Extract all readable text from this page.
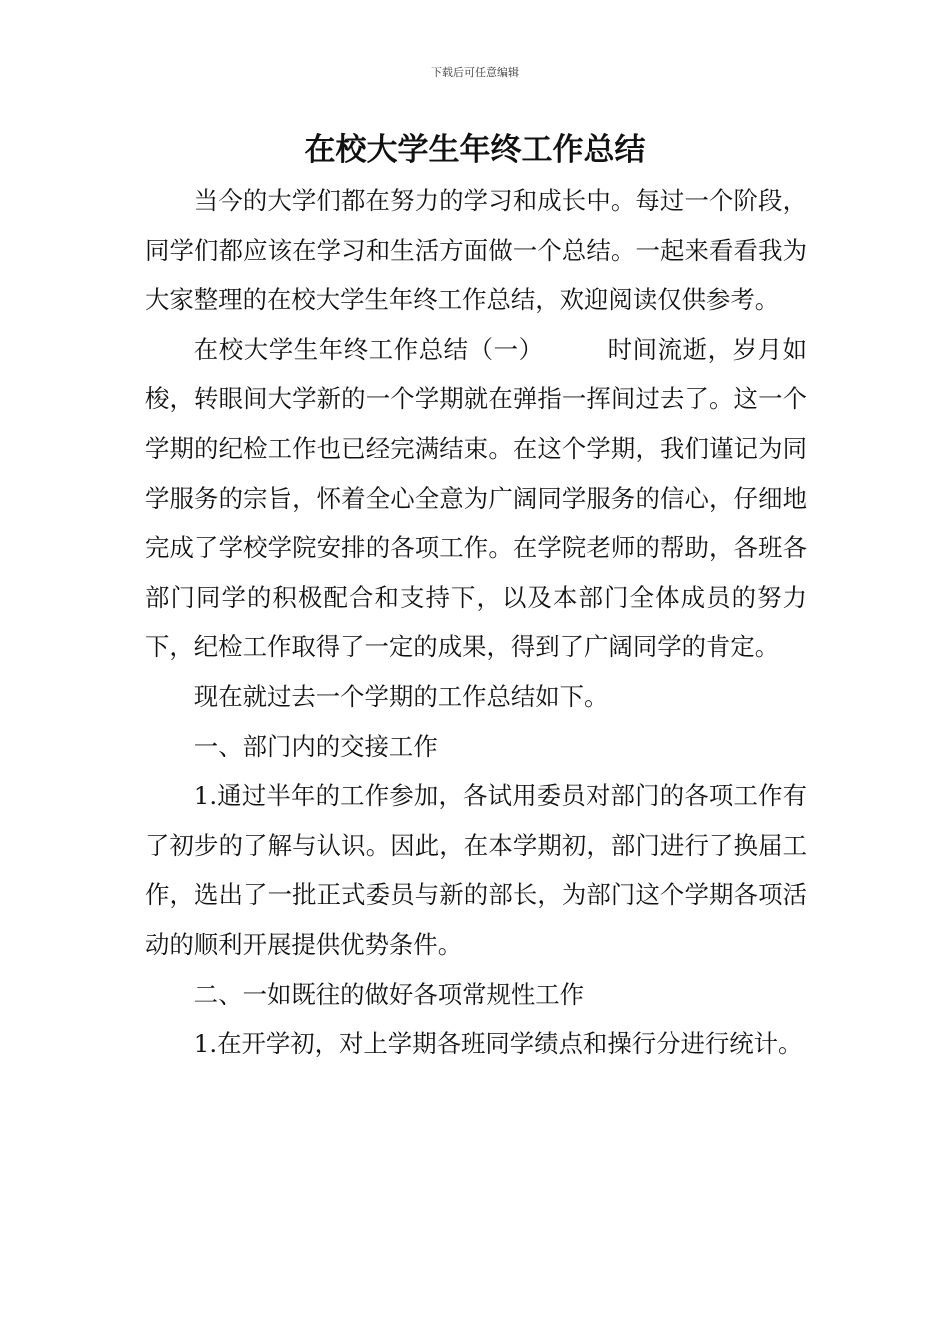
下载后可任意编辑
在校大学生年终工作总结

当今的大学们都在努力的学习和成长中。每过一个阶段，同学们都应该在学习和生活方面做一个总结。一起来看看我为大家整理的在校大学生年终工作总结，欢迎阅读仅供参考。

在校大学生年终工作总结（一）	时间流逝，岁月如梭，转眼间大学新的一个学期就在弹指一挥间过去了。这一个学期的纪检工作也已经完满结束。在这个学期，我们谨记为同学服务的宗旨，怀着全心全意为广阔同学服务的信心，仔细地完成了学校学院安排的各项工作。在学院老师的帮助，各班各部门同学的积极配合和支持下，以及本部门全体成员的努力下，纪检工作取得了一定的成果，得到了广阔同学的肯定。

现在就过去一个学期的工作总结如下。

一、部门内的交接工作

1.通过半年的工作参加，各试用委员对部门的各项工作有了初步的了解与认识。因此，在本学期初，部门进行了换届工作，选出了一批正式委员与新的部长，为部门这个学期各项活动的顺利开展提供优势条件。

二、一如既往的做好各项常规性工作

1.在开学初，对上学期各班同学绩点和操行分进行统计。
